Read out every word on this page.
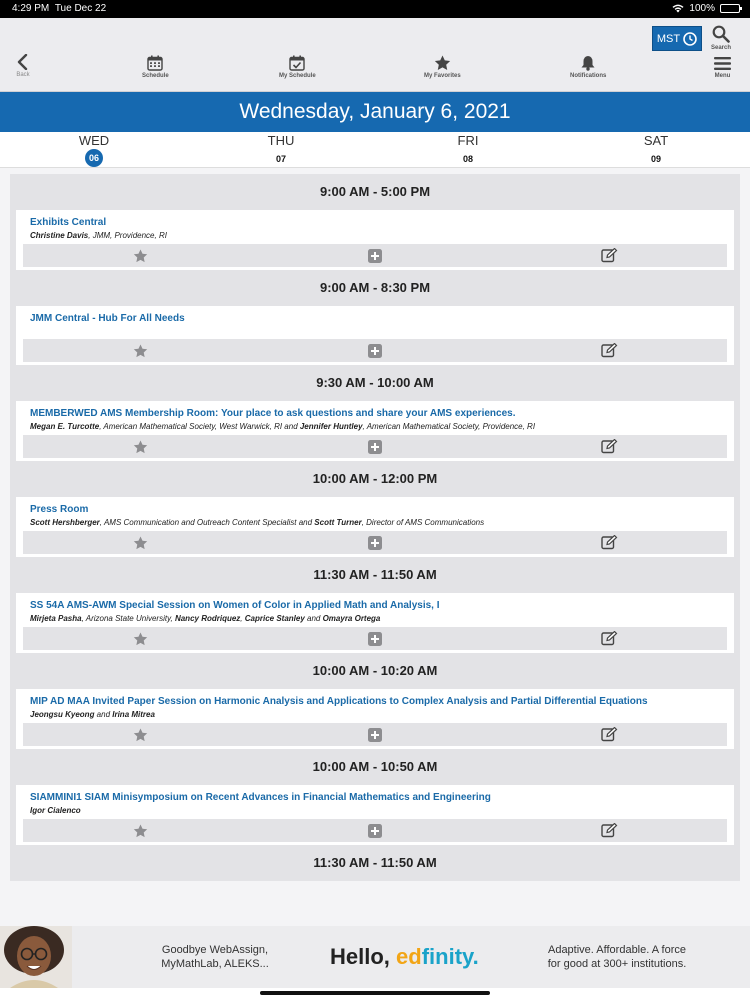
4:29 PM Tue Dec 22	100%
Back	Schedule	My Schedule	My Favorites	Notifications
MST
Search
Menu
Wednesday, January 6, 2021
WED
06
THU
07
FRI
08
SAT
09
9:00 AM - 5:00 PM
Exhibits Central
Christine Davis, JMM, Providence, RI
9:00 AM - 8:30 PM
JMM Central - Hub For All Needs
9:30 AM - 10:00 AM
MEMBERWED AMS Membership Room: Your place to ask questions and share your AMS experiences.
Megan E. Turcotte, American Mathematical Society, West Warwick, RI and Jennifer Huntley, American Mathematical Society, Providence, RI
10:00 AM - 12:00 PM
Press Room
Scott Hershberger, AMS Communication and Outreach Content Specialist and Scott Turner, Director of AMS Communications
11:30 AM - 11:50 AM
SS 54A AMS-AWM Special Session on Women of Color in Applied Math and Analysis, I
Mirjeta Pasha, Arizona State University, Nancy Rodriquez, Caprice Stanley and Omayra Ortega
10:00 AM - 10:20 AM
MIP AD MAA Invited Paper Session on Harmonic Analysis and Applications to Complex Analysis and Partial Differential Equations
Jeongsu Kyeong and Irina Mitrea
10:00 AM - 10:50 AM
SIAMMINI1 SIAM Minisymposium on Recent Advances in Financial Mathematics and Engineering
Igor Cialenco
11:30 AM - 11:50 AM
Goodbye WebAssign,
MyMathLab, ALEKS...	Hello, edfinity.	Adaptive. Affordable. A force
for good at 300+ institutions.
